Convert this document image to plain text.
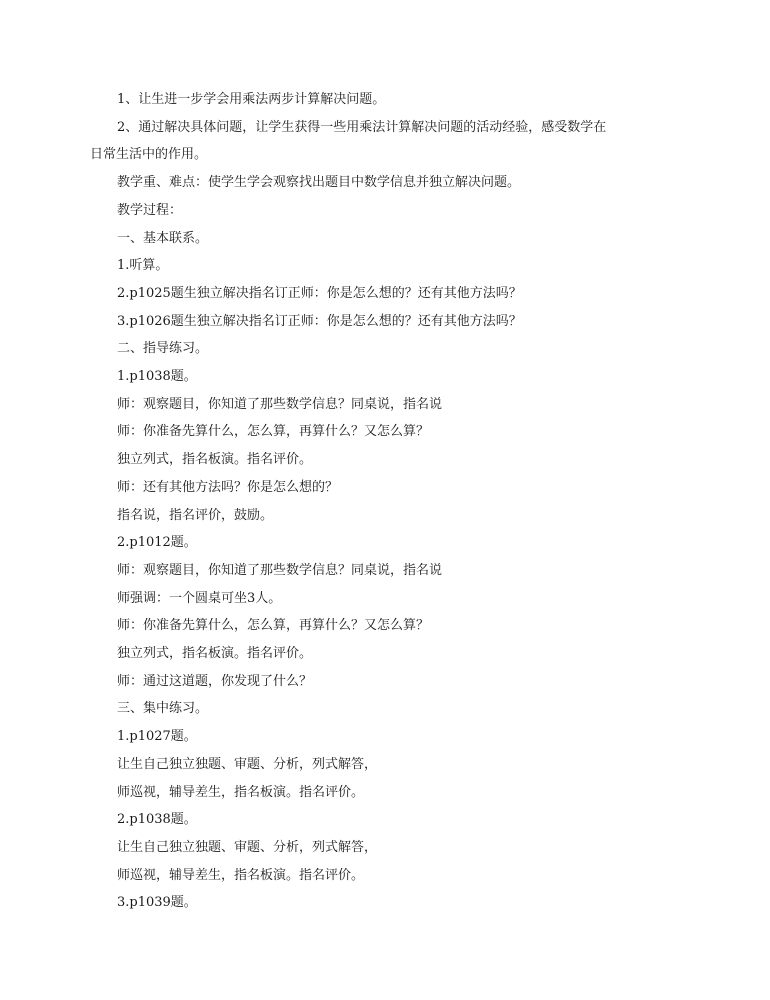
1、让生进一步学会用乘法两步计算解决问题。

2、通过解决具体问题，让学生获得一些用乘法计算解决问题的活动经验，感受数学在

日常生活中的作用。

教学重、难点：使学生学会观察找出题目中数学信息并独立解决问题。

教学过程：

一、基本联系。

1.听算。

2.p1025题生独立解决指名订正师：你是怎么想的？还有其他方法吗？

3.p1026题生独立解决指名订正师：你是怎么想的？还有其他方法吗？

二、指导练习。

1.p1038题。

师：观察题目，你知道了那些数学信息？同桌说，指名说

师：你准备先算什么，怎么算，再算什么？又怎么算？

独立列式，指名板演。指名评价。

师：还有其他方法吗？你是怎么想的？

指名说，指名评价，鼓励。

2.p1012题。

师：观察题目，你知道了那些数学信息？同桌说，指名说

师强调：一个圆桌可坐3人。

师：你准备先算什么，怎么算，再算什么？又怎么算？

独立列式，指名板演。指名评价。

师：通过这道题，你发现了什么？

三、集中练习。

1.p1027题。

让生自己独立独题、审题、分析，列式解答，

师巡视，辅导差生，指名板演。指名评价。

2.p1038题。

让生自己独立独题、审题、分析，列式解答，

师巡视，辅导差生，指名板演。指名评价。

3.p1039题。
